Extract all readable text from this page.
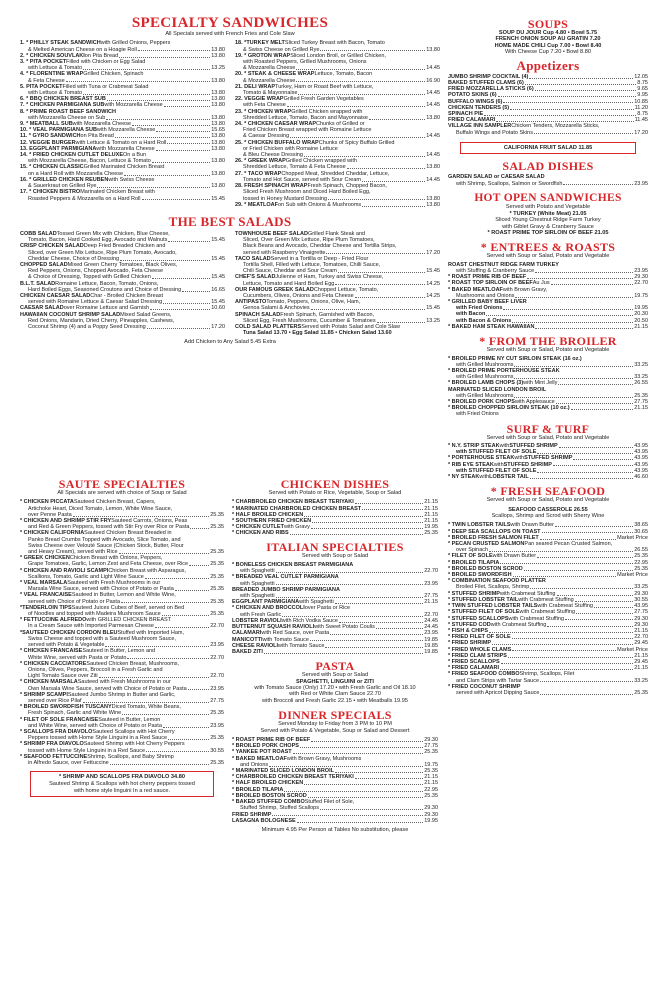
SPECIALTY SANDWICHES
All Specials served with French Fries and Cole Slaw
1. * PHILLY STEAK SANDWICH with Grilled Onions, Peppers
& Melted American Cheese on a Hoagie Roll	13.80
2. * CHICKEN SOUVLAKI on Pita Bread	13.80
3. * PITA POCKET Filled with Chicken or Egg Salad
with Lettuce & Tomato	13.25
4. * FLORENTINE WRAP Grilled Chicken, Spinach
& Feta Cheese	13.80
5. PITA POCKET Filled with Tuna or Crabmeat Salad
with Lettuce & Tomato	13.80
6. * BBQ CHICKEN BREAST SUB	13.80
7. * CHICKEN PARMIGIANA SUB with Mozzarella Cheese	13.80
8. * PRIME ROAST BEEF SANDWICH
with Mozzarella Cheese on Sub	13.80
9. * MEATBALL SUB with Mozzarella Cheese	13.80
10. * VEAL PARMIGIANA SUB with Mozzarella Cheese	15.65
11. * GYRO SANDWICH on Pita Bread	13.80
12. VEGGIE BURGER with Lettuce & Tomato on a Hard Roll	13.80
13. EGGPLANT PARMIGIANA with Mozzarella Cheese	13.80
14. * FRIED CHICKEN CUTLET DELUXE On a Bun
with Mozzarella Cheese, Bacon, Lettuce & Tomato	13.80
15. * CHICKEN CLASSIC Grilled Marinated Chicken Breast
on a Hard Roll with Mozzarella Cheese	13.80
16. * GRILLED CHICKEN REUBEN with Swiss Cheese
& Sauerkraut on Grilled Rye	13.80
17. * CHICKEN BISTRO Marinated Chicken Breast with
Roasted Peppers & Mozzarella on a Hard Roll	15.45
18. *TURKEY MELT Sliced Turkey Breast with Bacon, Tomato
& Swiss Cheese on Grilled Rye	13.80
19. * GROTON WRAP Sliced London Broil, or Grilled Chicken,
with Roasted Peppers, Grilled Mushrooms, Onions
& Mozzarella Cheese	14.45
20. * STEAK & CHEESE WRAP Lettuce, Tomato, Bacon
& Mozzarella Cheese	16.90
21. DELI WRAP Turkey, Ham or Roast Beef with Lettuce,
Tomato & Mayonnaise	14.45
22. VEGGIE WRAP Grilled Fresh Garden Vegetables
with Feta Cheese	14.45
23. * CHICKEN WRAP Grilled Chicken wrapped with
Shredded Lettuce, Tomato, Bacon and Mayonnaise	13.80
24. * CHICKEN CAESAR WRAP Chunks of Grilled or
Fried Chicken Breast wrapped with Romaine Lettuce
& Caesar Dressing	14.45
25. * CHICKEN BUFFALO WRAP Chunks of Spicy Buffalo Grilled
or Fried Chicken with Romaine Lettuce
& Bleu Cheese Dressing	14.45
26. * GREEK WRAP Grilled Chicken wrapped with
Shredded Lettuce, Tomato & Feta Cheese	13.80
27. * TACO WRAP Chopped Meat, Shredded Cheddar, Lettuce,
Tomato and Hot Sauce, served with Sour Cream	14.45
28. FRESH SPINACH WRAP Fresh Spinach, Chopped Bacon,
Sliced Fresh Mushroom and Diced Hard Boiled Egg,
tossed in Honey Mustard Dressing	13.80
29. * MEATLOAF on Sub with Onions & Mushrooms	13.80
THE BEST SALADS
COBB SALAD Tossed Green Mix with Chicken, Blue Cheese,
Tomato, Bacon, Hard Cooked Egg, Avocado and Walnuts	15.45
CRISP CHICKEN SALAD Deep Fried Breaded Chicken and
Sliced, over Green Mix Lettuce, Ripe Plum Tomato, Avocado,
Cheddar Cheese, Choice of Dressing	15.45
CHOPPED SALAD Mixed Green Cherry Tomatoes, Black Olives,
Red Peppers, Onions, Chopped Avocado, Feta Cheese
& Choice of Dressing, Topped with Grilled Chicken	15.45
B.L.T. SALAD Romaine Lettuce, Bacon, Tomato, Onions,
Hard Boiled Eggs, Seasoned Croutons and Choice of Dressing	16.65
CHICKEN CAESAR SALAD Char - Broiled Chicken Breast
served with Romaine Lettuce & Caesar Salad Dressing	15.45
CAESAR SALAD over Romaine Lettuce and Garnish	10.60
HAWAIIAN COCONUT SHRIMP SALAD Mixed Salad Greens,
Red Onions, Mandarin, Dried Cherry, Pineapples, Cashews,
Coconut Shrimp (4) and a Poppy Seed Dressing	17.20
TOWNHOUSE BEEF SALAD Grilled Flank Steak and
Sliced, Over Green Mix Lettuce, Ripe Plum Tomatoes,
Black Beans and Avocado, Cheddar Cheese and Tortilla Strips,
served with Raspberry Vinaigrette	17.20
TACO SALAD Served in a Tortilla or Deep - Fried Flour
Tortilla Shell, Filled with Lettuce, Tomatoes, Chilli Sauce,
Chili Sauce, Cheddar and Sour Cream	15.45
CHEF'S SALAD Julienne of Ham, Turkey and Swiss Cheese,
Lettuce, Tomato and Hard Boiled Egg	14.25
OUR FAMOUS GREEK SALAD Chopped Lettuce, Tomato,
Cucumbers, Olives, Onions and Feta Cheese	14.25
ANTIPASTO Tomato, Peppers, Onions, Olive, Ham,
Genoa Salami & Anchovies	15.45
SPINACH SALAD Fresh Spinach, Garnished with Bacon,
Sliced Egg, Fresh Mushrooms, Cucumber & Tomatoes	13.25
COLD SALAD PLATTERS Served with Potato Salad and Cole Slaw
Tuna Salad 13.70 • Egg Salad 11.85 • Chicken Salad 13.60
Add Chicken to Any Salad 5.45 Extra
SAUTE SPECIALTIES
All Specials are served with choice of Soup or Salad
* CHICKEN PICCATA Sauteed Chicken Breast, Capers,
Artichoke Heart, Diced Tomato, Lemon, White Wine Sauce,
over Penne Pasta	25.35
* CHICKEN AND SHRIMP STIR FRY Sauteed Carrots, Onions, Peas
and Red & Green Peppers, tossed with Stir Fry over Rice or Pasta	25.35
* CHICKEN CALIFORNIA Sauteed Chicken Breast Breaded in
Panko Bread Crumbs Topped with Avocado, Slice Tomato, and
Swiss Cheese over Velouté Sauce (Chicken Stock, Butter, Flour
and Heavy Cream), served with Rice	25.35
* GREEK CHICKEN Chicken Breast with Onions, Peppers,
Grape Tomatoes, Garlic, Lemon Zest and Feta Cheese, over Rice	25.35
* CHICKEN AND RAVIOLI SCAMPI Chicken Breast with Asparagus,
Scallions, Tomato, Garlic and Light Wine Sauce	25.35
* VEAL MARSALA Sauteed with Fresh Mushrooms in our
Marsala Wine Sauce, served with Choice of Potato or Pasta	25.35
* VEAL FRANCAISE Sauteed in Butter, Lemon and White Wine,
served with Choice of Potato or Pasta	25.35
*TENDERLOIN TIPS Sauteed Juices Cubes of Beef, served on Bed
of Noodles and topped with Madeira Mushroom Sauce	25.35
* FETTUCCINE ALFREDO with GRILLED CHICKEN BREAST
In a Cream Sauce with Imported Parmesan Cheese	22.70
*SAUTEED CHICKEN CORDON BLEU Stuffed with Imported Ham,
Swiss Cheese and topped with a Sauteed Mushroom Sauce,
served with Potato & Vegetable	23.95
* CHICKEN FRANCAISE Sauteed in Butter, Lemon and
White Wine, served with Pasta or Potato	22.70
* CHICKEN CACCIATORE Sauteed Chicken Breast, Mushrooms,
Onions, Olives, Peppers, Broccoli in a Fresh Garlic and
Light Tomato Sauce over Ziti	22.70
* CHICKEN MARSALA Sauteed with Fresh Mushrooms in our
Own Marsala Wine Sauce, served with Choice of Potato or Pasta	23.95
* SHRIMP SCAMPI Sauteed Jumbo Shrimp in Butter and Garlic,
served over Rice Pilaf	27.75
* BROILED SWORDFISH TUSCANY Diced Tomato, White Beans,
Fresh Spinach, Garlic and White Wine	25.35
* FILET OF SOLE FRANCAISE Sauteed in Butter, Lemon
and White Wine, served with Choice of Potato or Pasta	23.95
* SCALLOPS FRA DIAVOLO Sauteed Scallops with Hot Cherry
Peppers tossed with Home Style Linguini in a Red Sauce	25.35
* SHRIMP FRA DIAVOLO Sauteed Shrimp with Hot Cherry Peppers
tossed with Home Style Linguini in a Red Sauce	30.55
* SEAFOOD FETTUCCINE Shrimp, Scallops, and Baby Shrimp
in Alfredo Sauce, over Fettuccine	25.35
* SHRIMP AND SCALLOPS FRA DIAVOLO 34.80
Sauteed Shrimp & Scallops with hot cherry peppers tossed
with home style linguini In a red sauce.
CHICKEN DISHES
Served with Potato or Rice, Vegetable, Soup or Salad
* CHARBROILED CHICKEN BREAST TERIYAKI	21.15
* MARINATED CHARBROILED CHICKEN BREAST	21.15
* HALF BROILED CHICKEN	21.15
* SOUTHERN FRIED CHICKEN	21.15
* CHICKEN CUTLET with Gravy	19.95
* CHICKEN AND RIBS	25.35
ITALIAN SPECIALTIES
Served with Soup or Salad
* BONELESS CHICKEN BREAST PARMIGIANA
with Spaghetti	22.70
* BREADED VEAL CUTLET PARMIGIANA
with Spaghetti	23.95
BREADED JUMBO SHRIMP PARMIGIANA
with Spaghetti	27.75
EGGPLANT PARMIGIANA with Spaghetti	21.15
* CHICKEN AND BROCCOLI over Pasta or Rice
with Fresh Garlic	22.70
LOBSTER RAVIOLI with Rich Vodka Sauce	24.45
BUTTERNUT SQUASH RAVIOLI with Sweet Potato Coulis	24.45
CALAMARI with Red Sauce, over Pasta	23.95
MANICOTTI with Tomato Sauce	19.85
CHEESE RAVIOLI with Tomato Sauce	19.85
BAKED ZITI	19.85
PASTA
Served with Soup or Salad
SPAGHETTI, LINGUINI or ZITI
with Tomato Sauce (Only) 17.20 • with Fresh Garlic and Oil 18.10
with Red or White Clam Sauce 22.70
with Broccoli and Fresh Garlic 22.15 • with Meatballs 19.95
DINNER SPECIALS
Served Monday to Friday from 3 PM to 10 PM
Served with Potato & Vegetable, Soup or Salad and Dessert
* ROAST PRIME RIB OF BEEF	29.30
* BROILED PORK CHOPS	27.75
* YANKEE POT ROAST	25.35
* BAKED MEATLOAF with Brown Gravy, Mushrooms
and Onions	19.75
* MARINATED SLICED LONDON BROIL	25.35
* CHARBROILED CHICKEN BREAST TERIYAKI	21.15
* HALF BROILED CHICKEN	21.15
* BROILED TILAPIA	22.95
* BROILED BOSTON SCROD	25.35
* BAKED STUFFED COMBO Stuffed Filet of Sole,
Stuffed Shrimp, Stuffed Scallops	29.30
FRIED SHRIMP	29.30
LASAGNA BOLOGNESE	19.95
Minimum 4.95 Per Person at Tables No substitution, please
SOUPS
SOUP DU JOUR Cup 4.80 • Bowl 5.75
FRENCH ONION SOUP AU GRATIN 7.20
HOME MADE CHILI Cup 7.00 • Bowl 8.40
With Cheese Cup 7.20 • Bowl 8.80
Appetizers
JUMBO SHRIMP COCKTAIL (4)	12.05
BAKED STUFFED CLAMS (6)	8.75
FRIED MOZZARELLA STICKS (6)	9.65
POTATO SKINS (6)	9.95
BUFFALO WINGS (6)	10.85
CHICKEN TENDERS (5)	11.20
SPINACH PIE	8.75
FRIED CALAMARI	11.45
VILLAGE INN SAMPLER Chicken Tenders, Mozzarella Sticks,
Buffalo Wings and Potato Skins	17.20
CALIFORNIA FRUIT SALAD 11.85
SALAD DISHES
GARDEN SALAD or CAESAR SALAD
with Shrimp, Scallops, Salmon or Swordfish	23.95
HOT OPEN SANDWICHES
Served with Potato and Vegetable
* TURKEY (White Meat) 21.05
Sliced Young Chestnut Ridge Farm Turkey
with Giblet Gravy & Cranberry Sauce
* ROAST PRIME TOP SIRLOIN OF BEEF 21.05
* ENTREES & ROASTS
Served with Soup or Salad, Potato and Vegetable
ROAST CHESTNUT RIDGE FARM TURKEY
with Stuffing & Cranberry Sauce	23.95
* ROAST PRIME RIB OF BEEF	29.30
* ROAST TOP SIRLOIN OF BEEF Au Jus	22.70
* BAKED MEATLOAF with Brown Gravy,
Mushrooms and Onions	19.75
* GRILLED BABY BEEF LIVER
with Fried Onions	19.95
with Bacon	20.30
with Bacon & Onions	20.50
* BAKED HAM STEAK HAWAIIAN	21.15
* FROM THE BROILER
Served with Soup or Salad, Potato and Vegetable
* BROILED PRIME NY CUT SIRLOIN STEAK (16 oz.)
with Grilled Mushrooms	33.25
* BROILED PRIME PORTERHOUSE STEAK
with Grilled Mushrooms	33.25
* BROILED LAMB CHOPS (3) with Mint Jelly	26.55
MARINATED SLICED LONDON BROIL
with Grilled Mushrooms	25.35
* BROILED PORK CHOPS with Applesauce	27.75
* BROILED CHOPPED SIRLOIN STEAK (10 oz.)	21.15
with Fried Onions
SURF & TURF
Served with Soup or Salad, Potato and Vegetable
* N.Y. STRIP STEAK with STUFFED SHRIMP	43.95
with STUFFED FILET OF SOLE	43.95
* PORTERHOUSE STEAK with STUFFED SHRIMP	43.95
* RIB EYE STEAK with STUFFED SHRIMP	43.95
with STUFFED FILET OF SOLE	43.95
* NY STEAK with LOBSTER TAIL	46.60
* FRESH SEAFOOD
Served with Soup or Salad, Potato and Vegetable
SEAFOOD CASSEROLE 26.55
Scallops, Shrimp and Scrod with Sherry Wine
* TWIN LOBSTER TAILS with Drawn Butter	38.65
* DEEP SEA SCALLOPS ON TOAST	30.65
* BROILED FRESH SALMON FILET	Market Price
* PECAN CRUSTED SALMON Pan seared Pecan Crusted Salmon,
over Spinach	26.55
* FILET OF SOLE with Drawn Butter	25.35
* BROILED TILAPIA	22.95
* BROILED BOSTON SCROD	25.35
* BROILED SWORDFISH	Market Price
* COMBINATION SEAFOOD PLATTER
Broiled Filet, Scallops, Shrimp	33.25
* STUFFED SHRIMP with Crabmeat Stuffing	29.30
* STUFFED LOBSTER TAIL with Crabmeat Stuffing	30.55
* TWIN STUFFED LOBSTER TAILS with Crabmeat Stuffing	43.95
* STUFFED FILET OF SOLE with Crabmeat Stuffing	27.75
* STUFFED SCALLOPS with Crabmeat Stuffing	29.30
* STUFFED COD with Crabmeat Stuffing	29.30
* FISH & CHIPS	21.15
* FRIED FILET OF SOLE	22.70
* FRIED SHRIMP	29.45
* FRIED WHOLE CLAMS	Market Price
* FRIED CLAM STRIPS	21.15
* FRIED SCALLOPS	29.45
* FRIED CALAMARI	21.15
* FRIED SEAFOOD COMBO Shrimp, Scallops, Filet
and Clam Strips with Tartar Sauce	33.25
* FRIED COCONUT SHRIMP
served with Apricot Dipping Sauce	25.35
